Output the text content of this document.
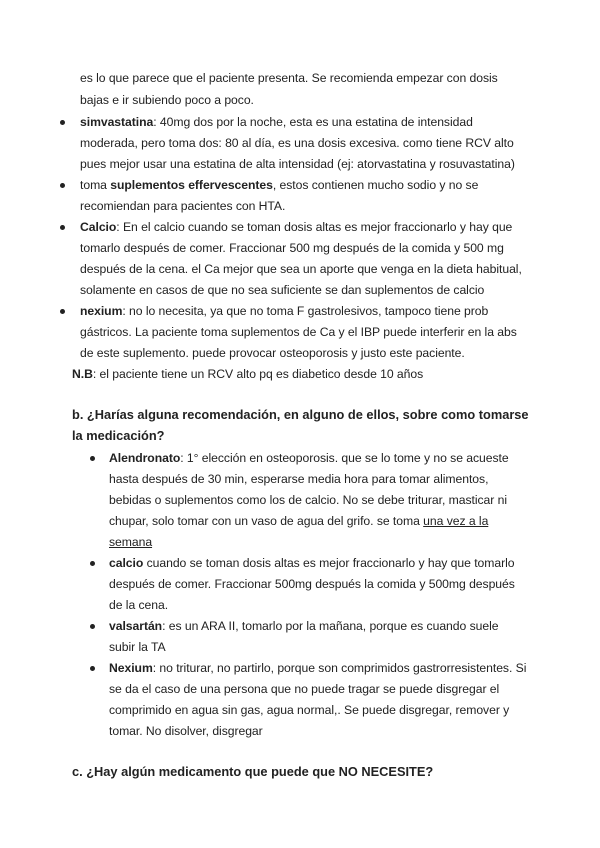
es lo que parece que el paciente presenta. Se recomienda empezar con dosis
bajas e ir subiendo poco a poco.
simvastatina: 40mg dos por la noche, esta es una estatina de intensidad
moderada, pero toma dos: 80 al día, es una dosis excesiva. como tiene RCV alto
pues mejor usar una estatina de alta intensidad (ej: atorvastatina y rosuvastatina)
toma suplementos effervescentes, estos contienen mucho sodio y no se
recomiendan para pacientes con HTA.
Calcio: En el calcio cuando se toman dosis altas es mejor fraccionarlo y hay que
tomarlo después de comer. Fraccionar 500 mg después de la comida y 500 mg
después de la cena. el Ca mejor que sea un aporte que venga en la dieta habitual,
solamente en casos de que no sea suficiente se dan suplementos de calcio
nexium: no lo necesita, ya que no toma F gastrolesivos, tampoco tiene prob
gástricos. La paciente toma suplementos de Ca y el IBP puede interferir en la abs
de este suplemento. puede provocar osteoporosis y justo este paciente.
N.B: el paciente tiene un RCV alto pq es diabetico desde 10 años
b. ¿Harías alguna recomendación, en alguno de ellos, sobre como tomarse
la medicación?
Alendronato: 1° elección en osteoporosis. que se lo tome y no se acueste
hasta después de 30 min, esperarse media hora para tomar alimentos,
bebidas o suplementos como los de calcio. No se debe triturar, masticar ni
chupar, solo tomar con un vaso de agua del grifo. se toma una vez a la
semana
calcio cuando se toman dosis altas es mejor fraccionarlo y hay que tomarlo
después de comer. Fraccionar 500mg después la comida y 500mg después
de la cena.
valsartán: es un ARA II, tomarlo por la mañana, porque es cuando suele
subir la TA
Nexium: no triturar, no partirlo, porque son comprimidos gastrorresistentes. Si
se da el caso de una persona que no puede tragar se puede disgregar el
comprimido en agua sin gas, agua normal,. Se puede disgregar, remover y
tomar. No disolver, disgregar
c. ¿Hay algún medicamento que puede que NO NECESITE?
